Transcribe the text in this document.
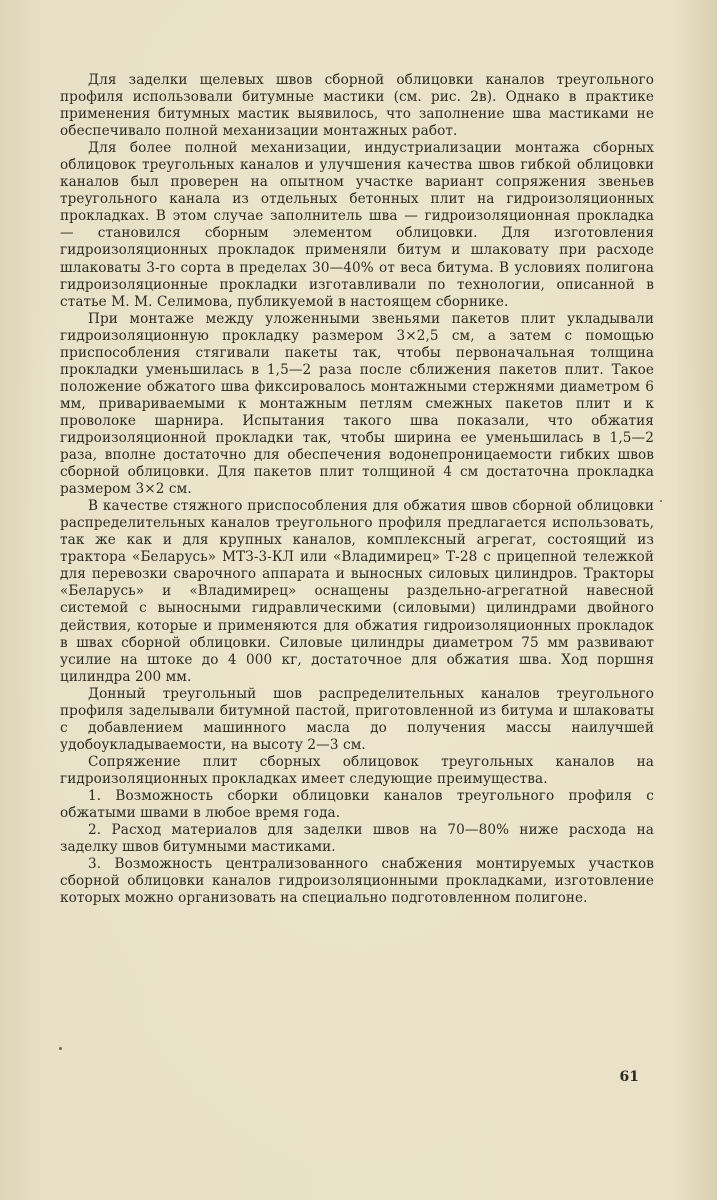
Для заделки щелевых швов сборной облицовки каналов треугольного профиля использовали битумные мастики (см. рис. 2в). Однако в практике применения битумных мастик выявилось, что заполнение шва мастиками не обеспечивало полной механизации монтажных работ.

Для более полной механизации, индустриализации монтажа сборных облицовок треугольных каналов и улучшения качества швов гибкой облицовки каналов был проверен на опытном участке вариант сопряжения звеньев треугольного канала из отдельных бетонных плит на гидроизоляционных прокладках. В этом случае заполнитель шва — гидроизоляционная прокладка — становился сборным элементом облицовки. Для изготовления гидроизоляционных прокладок применяли битум и шлаковату при расходе шлаковаты 3-го сорта в пределах 30—40% от веса битума. В условиях полигона гидроизоляционные прокладки изготавливали по технологии, описанной в статье М. М. Селимова, публикуемой в настоящем сборнике.

При монтаже между уложенными звеньями пакетов плит укладывали гидроизоляционную прокладку размером 3×2,5 см, а затем с помощью приспособления стягивали пакеты так, чтобы первоначальная толщина прокладки уменьшилась в 1,5—2 раза после сближения пакетов плит. Такое положение обжатого шва фиксировалось монтажными стержнями диаметром 6 мм, привариваемыми к монтажным петлям смежных пакетов плит и к проволоке шарнира. Испытания такого шва показали, что обжатия гидроизоляционной прокладки так, чтобы ширина ее уменьшилась в 1,5—2 раза, вполне достаточно для обеспечения водонепроницаемости гибких швов сборной облицовки. Для пакетов плит толщиной 4 см достаточна прокладка размером 3×2 см.

В качестве стяжного приспособления для обжатия швов сборной облицовки распределительных каналов треугольного профиля предлагается использовать, так же как и для крупных каналов, комплексный агрегат, состоящий из трактора «Беларусь» МТЗ-3-КЛ или «Владимирец» Т-28 с прицепной тележкой для перевозки сварочного аппарата и выносных силовых цилиндров. Тракторы «Беларусь» и «Владимирец» оснащены раздельно-агрегатной навесной системой с выносными гидравлическими (силовыми) цилиндрами двойного действия, которые и применяются для обжатия гидроизоляционных прокладок в швах сборной облицовки. Силовые цилиндры диаметром 75 мм развивают усилие на штоке до 4 000 кг, достаточное для обжатия шва. Ход поршня цилиндра 200 мм.

Донный треугольный шов распределительных каналов треугольного профиля заделывали битумной пастой, приготовленной из битума и шлаковаты с добавлением машинного масла до получения массы наилучшей удобоукладываемости, на высоту 2—3 см.

Сопряжение плит сборных облицовок треугольных каналов на гидроизоляционных прокладках имеет следующие преимущества.

1. Возможность сборки облицовки каналов треугольного профиля с обжатыми швами в любое время года.

2. Расход материалов для заделки швов на 70—80% ниже расхода на заделку швов битумными мастиками.

3. Возможность централизованного снабжения монтируемых участков сборной облицовки каналов гидроизоляционными прокладками, изготовление которых можно организовать на специально подготовленном полигоне.

61
